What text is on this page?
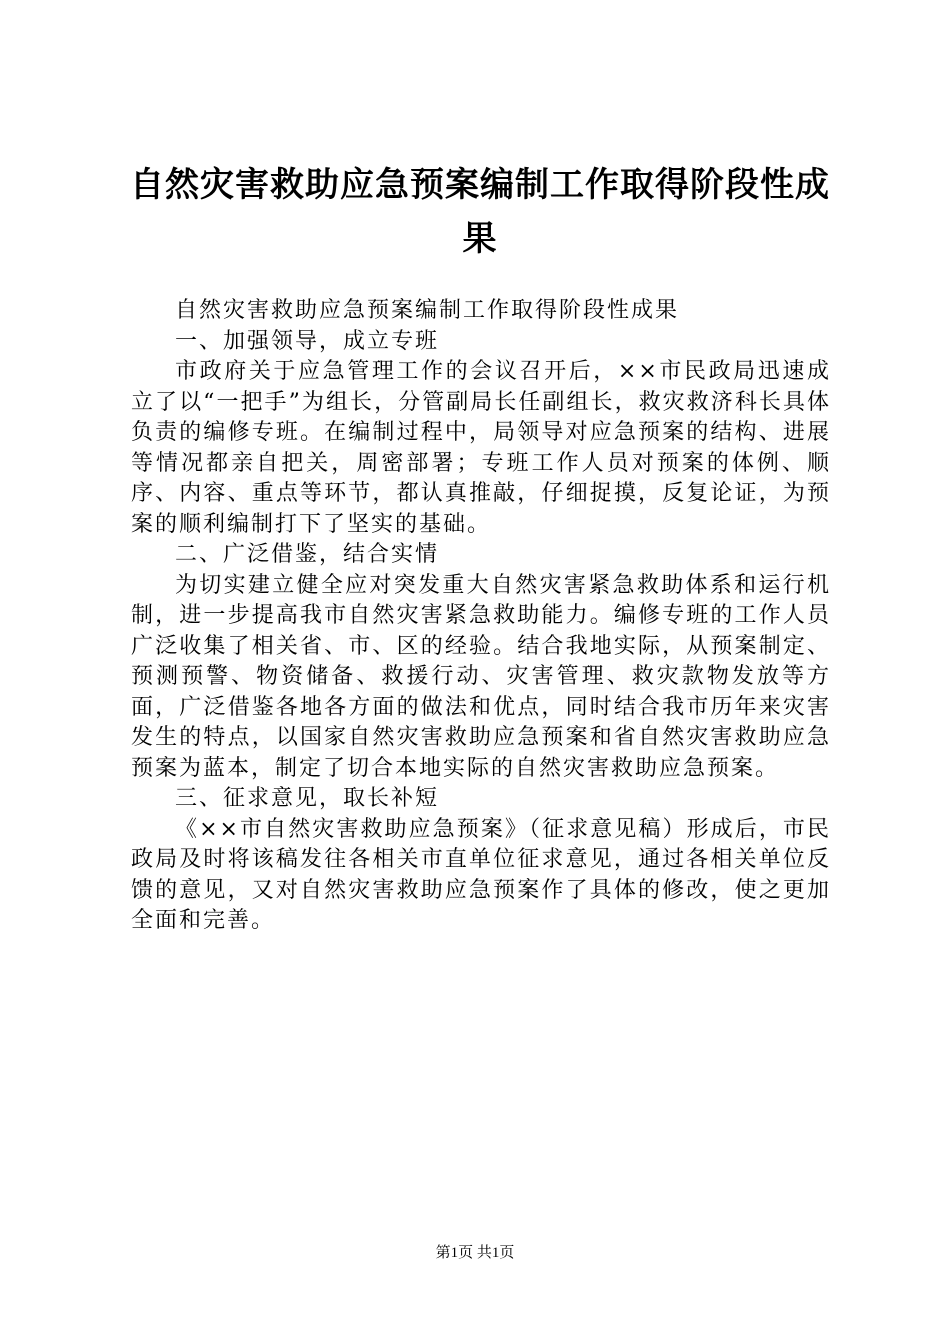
自然灾害救助应急预案编制工作取得阶段性成果

自然灾害救助应急预案编制工作取得阶段性成果

一、加强领导，成立专班

市政府关于应急管理工作的会议召开后，××市民政局迅速成立了以“一把手”为组长，分管副局长任副组长，救灾救济科长具体负责的编修专班。在编制过程中，局领导对应急预案的结构、进展等情况都亲自把关，周密部署；专班工作人员对预案的体例、顺序、内容、重点等环节，都认真推敲，仔细捉摸，反复论证，为预案的顺利编制打下了坚实的基础。

二、广泛借鉴，结合实情

为切实建立健全应对突发重大自然灾害紧急救助体系和运行机制，进一步提高我市自然灾害紧急救助能力。编修专班的工作人员广泛收集了相关省、市、区的经验。结合我地实际，从预案制定、预测预警、物资储备、救援行动、灾害管理、救灾款物发放等方面，广泛借鉴各地各方面的做法和优点，同时结合我市历年来灾害发生的特点，以国家自然灾害救助应急预案和省自然灾害救助应急预案为蓝本，制定了切合本地实际的自然灾害救助应急预案。

三、征求意见，取长补短

《××市自然灾害救助应急预案》（征求意见稿）形成后，市民政局及时将该稿发往各相关市直单位征求意见，通过各相关单位反馈的意见，又对自然灾害救助应急预案作了具体的修改，使之更加全面和完善。

第1页 共1页
